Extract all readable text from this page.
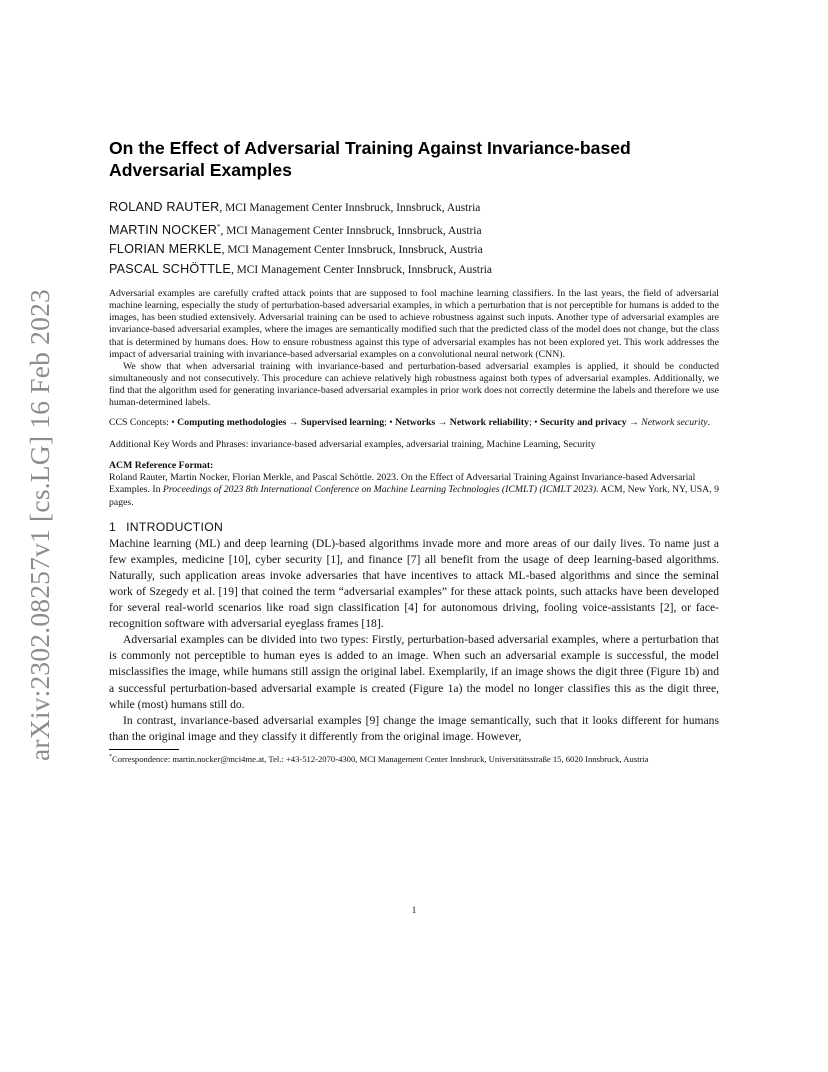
arXiv:2302.08257v1 [cs.LG] 16 Feb 2023
On the Effect of Adversarial Training Against Invariance-based Adversarial Examples
ROLAND RAUTER, MCI Management Center Innsbruck, Innsbruck, Austria
MARTIN NOCKER*, MCI Management Center Innsbruck, Innsbruck, Austria
FLORIAN MERKLE, MCI Management Center Innsbruck, Innsbruck, Austria
PASCAL SCHÖTTLE, MCI Management Center Innsbruck, Innsbruck, Austria

Adversarial examples are carefully crafted attack points that are supposed to fool machine learning classifiers. In the last years, the field of adversarial machine learning, especially the study of perturbation-based adversarial examples, in which a perturbation that is not perceptible for humans is added to the images, has been studied extensively. Adversarial training can be used to achieve robustness against such inputs. Another type of adversarial examples are invariance-based adversarial examples, where the images are semantically modified such that the predicted class of the model does not change, but the class that is determined by humans does. How to ensure robustness against this type of adversarial examples has not been explored yet. This work addresses the impact of adversarial training with invariance-based adversarial examples on a convolutional neural network (CNN).

We show that when adversarial training with invariance-based and perturbation-based adversarial examples is applied, it should be conducted simultaneously and not consecutively. This procedure can achieve relatively high robustness against both types of adversarial examples. Additionally, we find that the algorithm used for generating invariance-based adversarial examples in prior work does not correctly determine the labels and therefore we use human-determined labels.

CCS Concepts: • Computing methodologies → Supervised learning; • Networks → Network reliability; • Security and privacy → Network security.
Additional Key Words and Phrases: invariance-based adversarial examples, adversarial training, Machine Learning, Security
ACM Reference Format:
Roland Rauter, Martin Nocker, Florian Merkle, and Pascal Schöttle. 2023. On the Effect of Adversarial Training Against Invariance-based Adversarial Examples. In Proceedings of 2023 8th International Conference on Machine Learning Technologies (ICMLT) (ICMLT 2023). ACM, New York, NY, USA, 9 pages.
1 INTRODUCTION

Machine learning (ML) and deep learning (DL)-based algorithms invade more and more areas of our daily lives. To name just a few examples, medicine [10], cyber security [1], and finance [7] all benefit from the usage of deep learning-based algorithms. Naturally, such application areas invoke adversaries that have incentives to attack ML-based algorithms and since the seminal work of Szegedy et al. [19] that coined the term “adversarial examples” for these attack points, such attacks have been developed for several real-world scenarios like road sign classification [4] for autonomous driving, fooling voice-assistants [2], or face-recognition software with adversarial eyeglass frames [18].

Adversarial examples can be divided into two types: Firstly, perturbation-based adversarial examples, where a perturbation that is commonly not perceptible to human eyes is added to an image. When such an adversarial example is successful, the model misclassifies the image, while humans still assign the original label. Exemplarily, if an image shows the digit three (Figure 1b) and a successful perturbation-based adversarial example is created (Figure 1a) the model no longer classifies this as the digit three, while (most) humans still do.

In contrast, invariance-based adversarial examples [9] change the image semantically, such that it looks different for humans than the original image and they classify it differently from the original image. However,

*Correspondence: martin.nocker@mci4me.at, Tel.: +43-512-2070-4300, MCI Management Center Innsbruck, Universitätsstraße 15, 6020 Innsbruck, Austria
1
